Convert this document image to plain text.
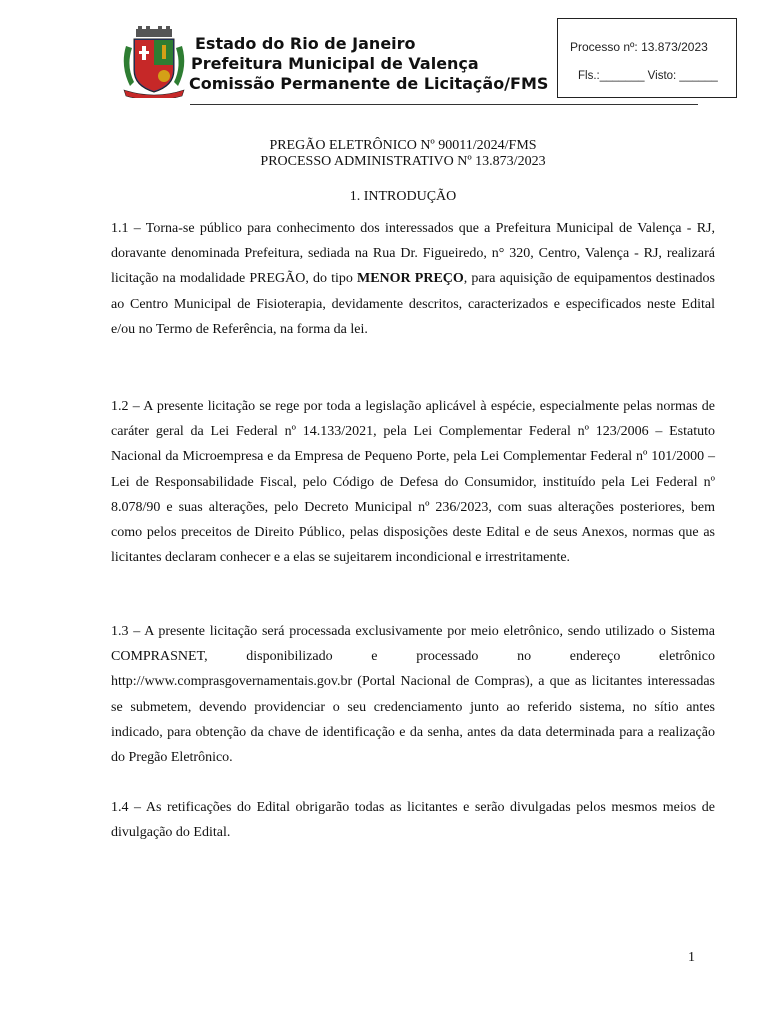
Estado do Rio de Janeiro
Prefeitura Municipal de Valença
Comissão Permanente de Licitação/FMS
Processo nº: 13.873/2023
Fls.:_______ Visto: ______
PREGÃO ELETRÔNICO Nº 90011/2024/FMS
PROCESSO ADMINISTRATIVO Nº 13.873/2023
1. INTRODUÇÃO

1.1 – Torna-se público para conhecimento dos interessados que a Prefeitura Municipal de Valença - RJ, doravante denominada Prefeitura, sediada na Rua Dr. Figueiredo, n° 320, Centro, Valença - RJ, realizará licitação na modalidade PREGÃO, do tipo MENOR PREÇO, para aquisição de equipamentos destinados ao Centro Municipal de Fisioterapia, devidamente descritos, caracterizados e especificados neste Edital e/ou no Termo de Referência, na forma da lei.

1.2 – A presente licitação se rege por toda a legislação aplicável à espécie, especialmente pelas normas de caráter geral da Lei Federal nº 14.133/2021, pela Lei Complementar Federal nº 123/2006 – Estatuto Nacional da Microempresa e da Empresa de Pequeno Porte, pela Lei Complementar Federal nº 101/2000 – Lei de Responsabilidade Fiscal, pelo Código de Defesa do Consumidor, instituído pela Lei Federal nº 8.078/90 e suas alterações, pelo Decreto Municipal nº 236/2023, com suas alterações posteriores, bem como pelos preceitos de Direito Público, pelas disposições deste Edital e de seus Anexos, normas que as licitantes declaram conhecer e a elas se sujeitarem incondicional e irrestritamente.

1.3 – A presente licitação será processada exclusivamente por meio eletrônico, sendo utilizado o Sistema COMPRASNET, disponibilizado e processado no endereço eletrônico http://www.comprasgovernamentais.gov.br (Portal Nacional de Compras), a que as licitantes interessadas se submetem, devendo providenciar o seu credenciamento junto ao referido sistema, no sítio antes indicado, para obtenção da chave de identificação e da senha, antes da data determinada para a realização do Pregão Eletrônico.

1.4 – As retificações do Edital obrigarão todas as licitantes e serão divulgadas pelos mesmos meios de divulgação do Edital.

1
